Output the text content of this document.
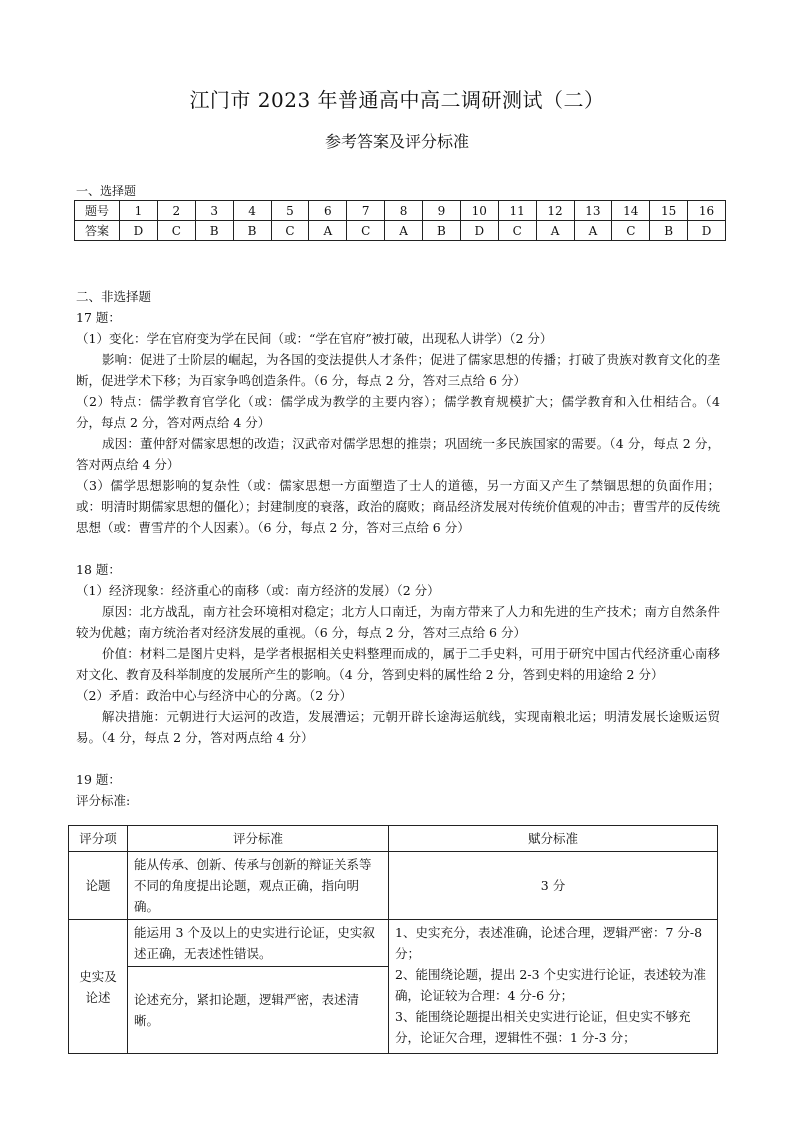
江门市 2023 年普通高中高二调研测试（二）
参考答案及评分标准
一、选择题
题号	1	2	3	4	5	6	7	8	9	10	11	12	13	14	15	16
答案	D	C	B	B	C	A	C	A	B	D	C	A	A	C	B	D

二、非选择题

17 题：

（1）变化：学在官府变为学在民间（或：“学在官府”被打破，出现私人讲学）（2 分）

影响：促进了士阶层的崛起，为各国的变法提供人才条件；促进了儒家思想的传播；打破了贵族对教育文化的垄断，促进学术下移；为百家争鸣创造条件。（6 分，每点 2 分，答对三点给 6 分）

（2）特点：儒学教育官学化（或：儒学成为教学的主要内容）；儒学教育规模扩大；儒学教育和入仕相结合。（4 分，每点 2 分，答对两点给 4 分）

成因：董仲舒对儒家思想的改造；汉武帝对儒学思想的推崇；巩固统一多民族国家的需要。（4 分，每点 2 分，答对两点给 4 分）

（3）儒学思想影响的复杂性（或：儒家思想一方面塑造了士人的道德，另一方面又产生了禁锢思想的负面作用；或：明清时期儒家思想的僵化）；封建制度的衰落，政治的腐败；商品经济发展对传统价值观的冲击；曹雪芹的反传统思想（或：曹雪芹的个人因素）。（6 分，每点 2 分，答对三点给 6 分）

18 题：

（1）经济现象：经济重心的南移（或：南方经济的发展）（2 分）

原因：北方战乱，南方社会环境相对稳定；北方人口南迁，为南方带来了人力和先进的生产技术；南方自然条件较为优越；南方统治者对经济发展的重视。（6 分，每点 2 分，答对三点给 6 分）

价值：材料二是图片史料，是学者根据相关史料整理而成的，属于二手史料，可用于研究中国古代经济重心南移对文化、教育及科举制度的发展所产生的影响。（4 分，答到史料的属性给 2 分，答到史料的用途给 2 分）

（2）矛盾：政治中心与经济中心的分离。（2 分）

解决措施：元朝进行大运河的改造，发展漕运；元朝开辟长途海运航线，实现南粮北运；明清发展长途贩运贸易。（4 分，每点 2 分，答对两点给 4 分）

19 题：

评分标准:

评分项	评分标准	赋分标准
论题	能从传承、创新、传承与创新的辩证关系等不同的角度提出论题，观点正确，指向明确。	3 分
史实及论述	能运用 3 个及以上的史实进行论证，史实叙述正确，无表述性错误。	1、史实充分，表述准确，论述合理，逻辑严密：7 分-8 分；
2、能围绕论题，提出 2-3 个史实进行论证，表述较为准确，论证较为合理：4 分-6 分；
3、能围绕论题提出相关史实进行论证，但史实不够充分，论证欠合理，逻辑性不强：1 分-3 分；

	论述充分，紧扣论题，逻辑严密，表述清晰。	
